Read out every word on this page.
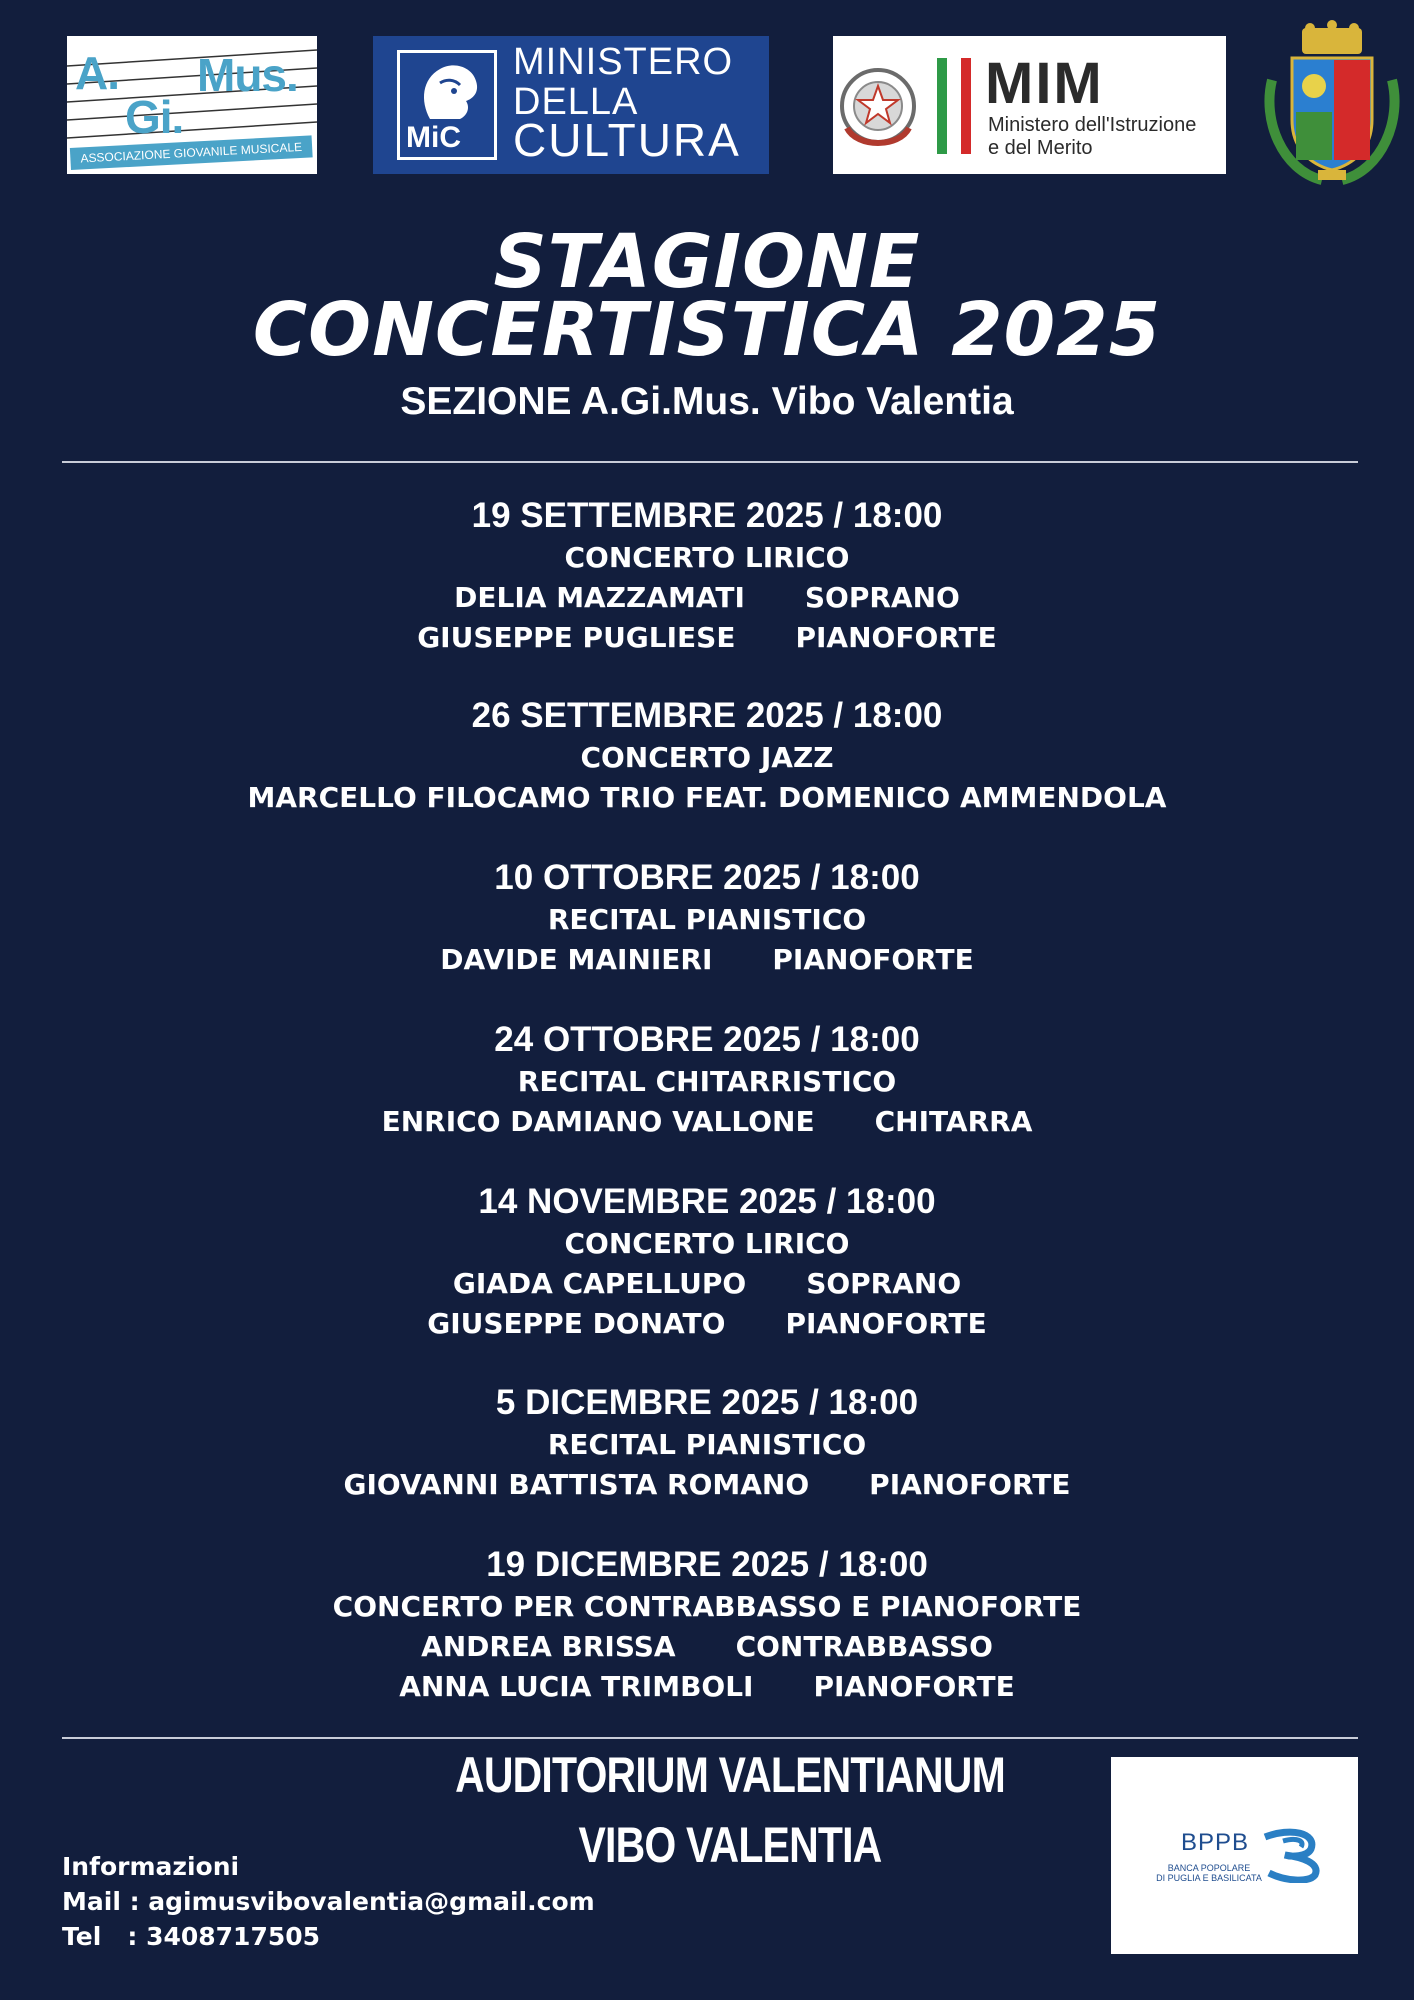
A.
Gi.
Mus.
ASSOCIAZIONE GIOVANILE MUSICALE	MiC
MINISTERO
DELLA
CULTURA
MIM
Ministero dell'Istruzione
e del Merito
STAGIONE
CONCERTISTICA 2025
SEZIONE A.Gi.Mus. Vibo Valentia
19 SETTEMBRE 2025 / 18:00
CONCERTO LIRICO
DELIA MAZZAMATI SOPRANO
GIUSEPPE PUGLIESE PIANOFORTE
26 SETTEMBRE 2025 / 18:00
CONCERTO JAZZ
MARCELLO FILOCAMO TRIO FEAT. DOMENICO AMMENDOLA
10 OTTOBRE 2025 / 18:00
RECITAL PIANISTICO
DAVIDE MAINIERI PIANOFORTE
24 OTTOBRE 2025 / 18:00
RECITAL CHITARRISTICO
ENRICO DAMIANO VALLONE CHITARRA
14 NOVEMBRE 2025 / 18:00
CONCERTO LIRICO
GIADA CAPELLUPO SOPRANO
GIUSEPPE DONATO PIANOFORTE
5 DICEMBRE 2025 / 18:00
RECITAL PIANISTICO
GIOVANNI BATTISTA ROMANO PIANOFORTE
19 DICEMBRE 2025 / 18:00
CONCERTO PER CONTRABBASSO E PIANOFORTE
ANDREA BRISSA CONTRABBASSO
ANNA LUCIA TRIMBOLI PIANOFORTE
AUDITORIUM VALENTIANUM
VIBO VALENTIA
Informazioni
Mail : agimusvibovalentia@gmail.com
Tel   : 3408717505
BPPB
BANCA POPOLARE
DI PUGLIA E BASILICATA
